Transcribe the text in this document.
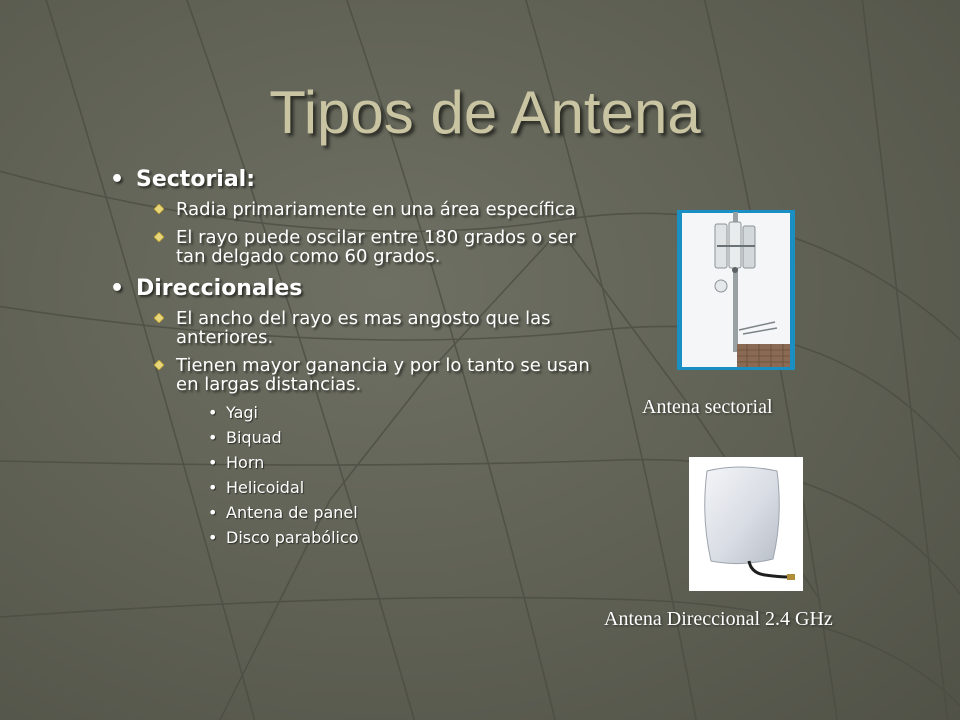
Tipos de Antena
• Sectorial:
Radia primariamente en una área específica
El rayo puede oscilar entre 180 grados o ser tan delgado como 60 grados.
• Direccionales
El ancho del rayo es mas angosto que las anteriores.
Tienen mayor ganancia y por lo tanto se usan en largas distancias.
• Yagi
• Biquad
• Horn
• Helicoidal
• Antena de panel
• Disco parabólico
Antena sectorial
Antena Direccional 2.4 GHz
